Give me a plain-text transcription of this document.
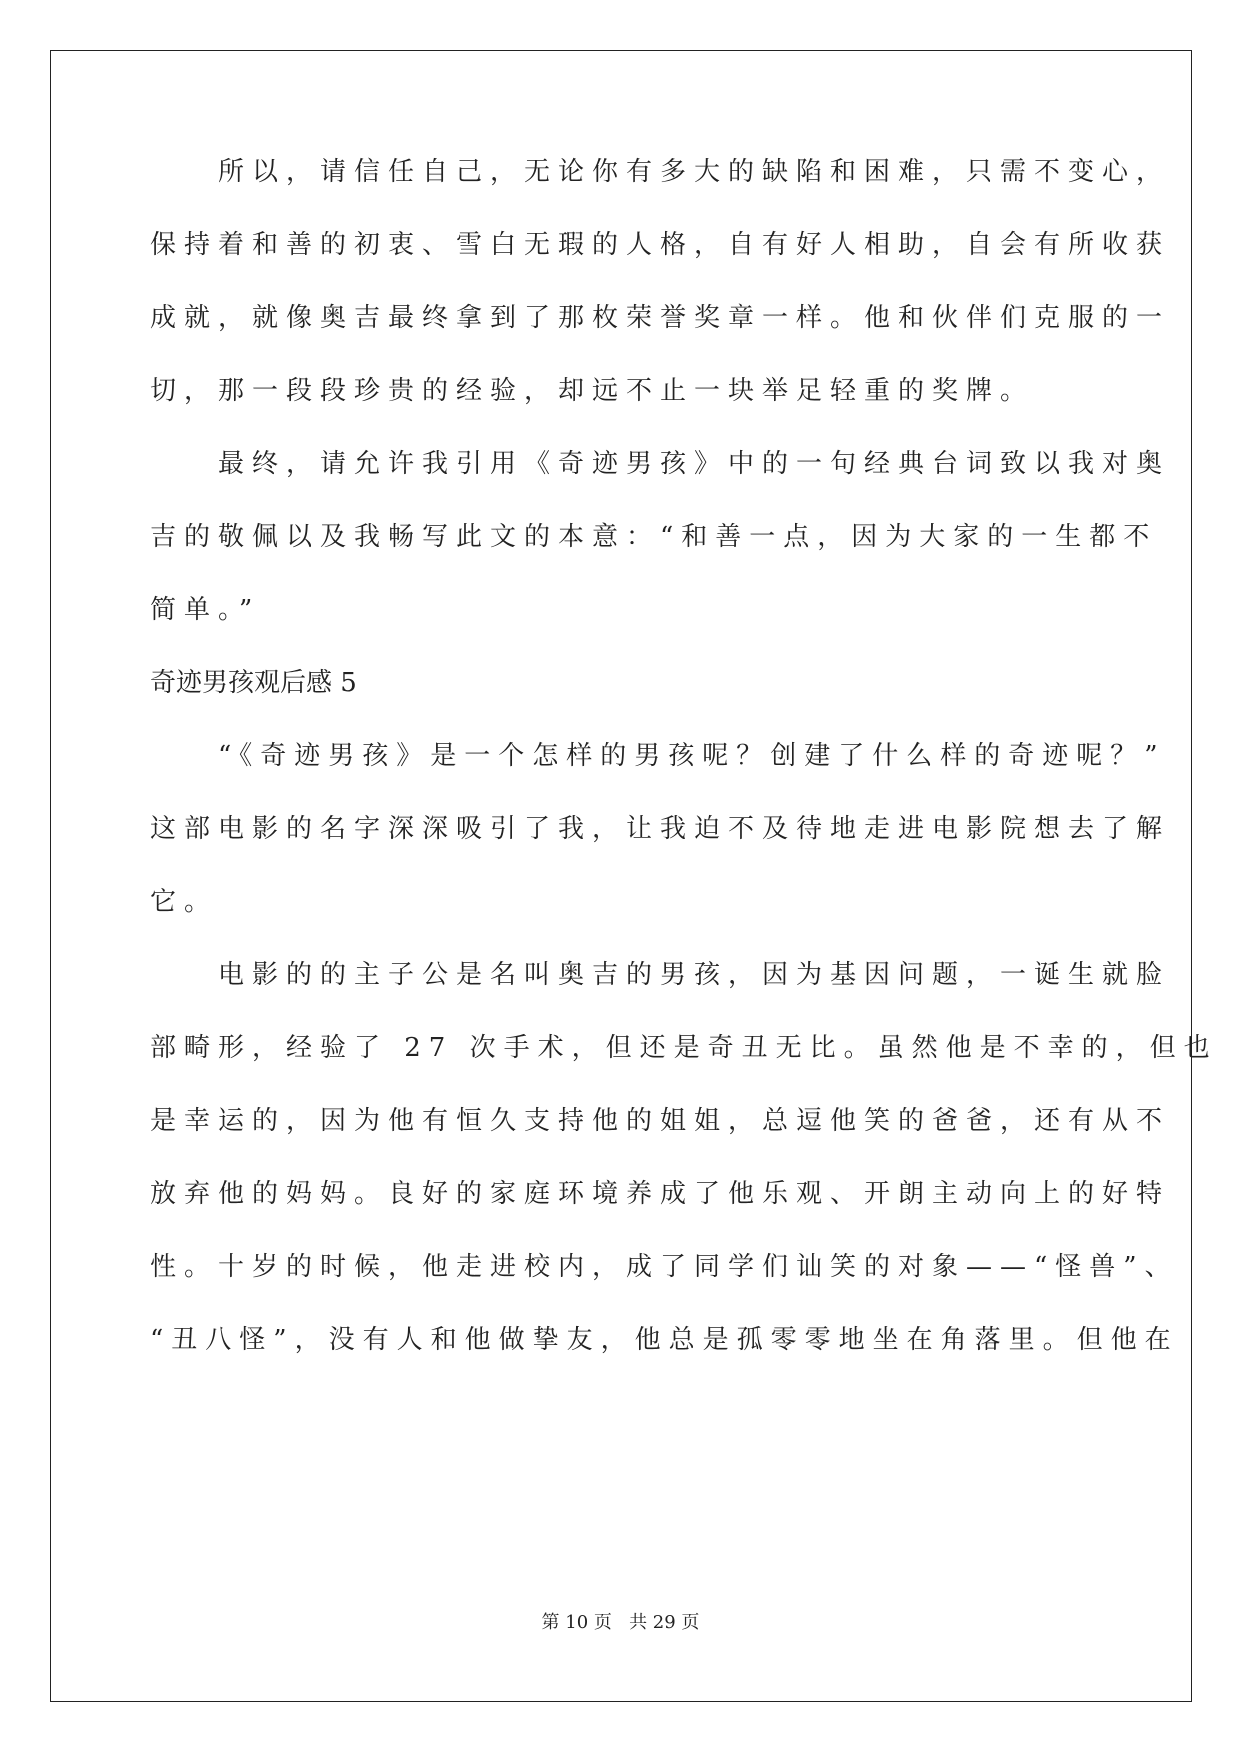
　　所以，请信任自己，无论你有多大的缺陷和困难，只需不变心，
保持着和善的初衷、雪白无瑕的人格，自有好人相助，自会有所收获
成就，就像奥吉最终拿到了那枚荣誉奖章一样。他和伙伴们克服的一
切，那一段段珍贵的经验，却远不止一块举足轻重的奖牌。
　　最终，请允许我引用《奇迹男孩》中的一句经典台词致以我对奥
吉的敬佩以及我畅写此文的本意：“和善一点，因为大家的一生都不
简单。”
奇迹男孩观后感 5
　　“《奇迹男孩》是一个怎样的男孩呢？创建了什么样的奇迹呢？”
这部电影的名字深深吸引了我，让我迫不及待地走进电影院想去了解
它。
　　电影的的主子公是名叫奥吉的男孩，因为基因问题，一诞生就脸
部畸形，经验了 27 次手术，但还是奇丑无比。虽然他是不幸的，但也
是幸运的，因为他有恒久支持他的姐姐，总逗他笑的爸爸，还有从不
放弃他的妈妈。良好的家庭环境养成了他乐观、开朗主动向上的好特
性。十岁的时候，他走进校内，成了同学们讪笑的对象——“怪兽”、
“丑八怪”，没有人和他做挚友，他总是孤零零地坐在角落里。但他在
第 10 页 共 29 页
